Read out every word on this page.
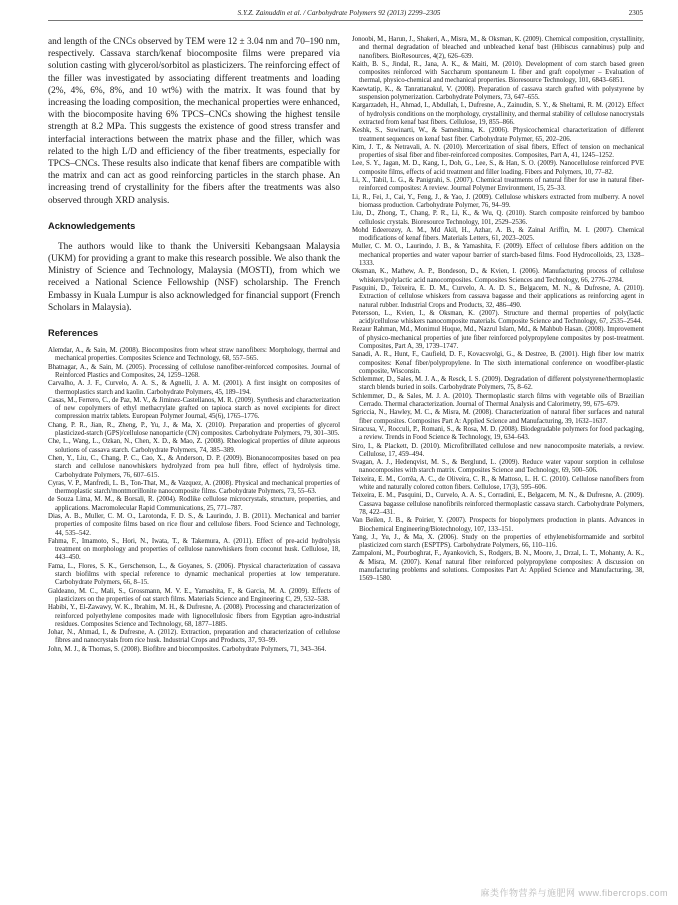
S.Y.Z. Zainuddin et al. / Carbohydrate Polymers 92 (2013) 2299–2305	2305

and length of the CNCs observed by TEM were 12 ± 3.04 nm and 70–190 nm, respectively. Cassava starch/kenaf biocomposite films were prepared via solution casting with glycerol/sorbitol as plasticizers. The reinforcing effect of the filler was investigated by associating different treatments and loading (2%, 4%, 6%, 8%, and 10 wt%) with the matrix. It was found that by increasing the loading composition, the mechanical properties were enhanced, with the biocomposite having 6% TPCS–CNCs showing the highest tensile strength at 8.2 MPa. This suggests the existence of good stress transfer and interfacial interactions between the matrix phase and the filler, which was related to the high L/D and efficiency of the fiber treatments, especially for TPCS–CNCs. These results also indicate that kenaf fibers are compatible with the matrix and can act as good reinforcing particles in the starch phase. An increasing trend of crystallinity for the fibers after the treatments was also observed through XRD analysis.

Acknowledgements

The authors would like to thank the Universiti Kebangsaan Malaysia (UKM) for providing a grant to make this research possible. We also thank the Ministry of Science and Technology, Malaysia (MOSTI), from which we received a National Science Fellowship (NSF) scholarship. The French Embassy in Kuala Lumpur is also acknowledged for financial support (French Scholars in Malaysia).

References

Alemdar, A., & Sain, M. (2008). Biocomposites from wheat straw nanofibers: Morphology, thermal and mechanical properties. Composites Science and Technology, 68, 557–565.

Bhatnagar, A., & Sain, M. (2005). Processing of cellulose nanofiber-reinforced composites. Journal of Reinforced Plastics and Composites, 24, 1259–1268.

Carvalho, A. J. F., Curvelo, A. A. S., & Agnelli, J. A. M. (2001). A first insight on composites of thermoplastics starch and kaolin. Carbohydrate Polymers, 45, 189–194.

Casas, M., Ferrero, C., de Paz, M. V., & Jiminez-Castellanos, M. R. (2009). Synthesis and characterization of new copolymers of ethyl methacrylate grafted on tapioca starch as novel excipients for direct compression matrix tablets. European Polymer Journal, 45(6), 1765–1776.

Chang, P. R., Jian, R., Zheng, P., Yu, J., & Ma, X. (2010). Preparation and properties of glycerol plasticized-starch (GPS)/cellulose nanoparticle (CN) composites. Carbohydrate Polymers, 79, 301–305.

Che, L., Wang, L., Ozkan, N., Chen, X. D., & Mao, Z. (2008). Rheological properties of dilute aqueous solutions of cassava starch. Carbohydrate Polymers, 74, 385–389.

Chen, Y., Liu, C., Chang, P. C., Cao, X., & Anderson, D. P. (2009). Bionanocomposites based on pea starch and cellulose nanowhiskers hydrolyzed from pea hull fibre, effect of hydrolysis time. Carbohydrate Polymers, 76, 607–615.

Cyras, V. P., Manfredi, L. B., Ton-That, M., & Vazquez, A. (2008). Physical and mechanical properties of thermoplastic starch/montmorillonite nanocomposite films. Carbohydrate Polymers, 73, 55–63.

de Souza Lima, M. M., & Borsali, R. (2004). Rodlike cellulose microcrystals, structure, properties, and applications. Macromolecular Rapid Communications, 25, 771–787.

Dias, A. B., Muller, C. M. O., Larotonda, F. D. S., & Laurindo, J. B. (2011). Mechanical and barrier properties of composite films based on rice flour and cellulose fibers. Food Science and Technology, 44, 535–542.

Fahma, F., Imamoto, S., Hori, N., Iwata, T., & Takemura, A. (2011). Effect of pre-acid hydrolysis treatment on morphology and properties of cellulose nanowhiskers from coconut husk. Cellulose, 18, 443–450.

Fama, L., Flores, S. K., Gerschenson, L., & Goyanes, S. (2006). Physical characterization of cassava starch biofilms with special reference to dynamic mechanical properties at low temperature. Carbohydrate Polymers, 66, 8–15.

Galdeano, M. C., Mali, S., Grossmann, M. V. E., Yamashita, F., & Garcia, M. A. (2009). Effects of plasticizers on the properties of oat starch films. Materials Science and Engineering C, 29, 532–538.

Habibi, Y., El-Zawawy, W. K., Ibrahim, M. H., & Dufresne, A. (2008). Processing and characterization of reinforced polyethylene composites made with lignocellulosic fibers from Egyptian agro-industrial residues. Composites Science and Technology, 68, 1877–1885.

Johar, N., Ahmad, I., & Dufresne, A. (2012). Extraction, preparation and characterization of cellulose fibres and nanocrystals from rice husk. Industrial Crops and Products, 37, 93–99.

John, M. J., & Thomas, S. (2008). Biofibre and biocomposites. Carbohydrate Polymers, 71, 343–364.

Jonoobi, M., Harun, J., Shakeri, A., Misra, M., & Oksman, K. (2009). Chemical composition, crystallinity, and thermal degradation of bleached and unbleached kenaf bast (Hibiscus cannabinus) pulp and nanofibers. BioResources, 4(2), 626–639.

Kaith, B. S., Jindal, R., Jana, A. K., & Maiti, M. (2010). Development of corn starch based green composites reinforced with Saccharum spontaneum L fiber and graft copolymer – Evaluation of thermal, physico-chemical and mechanical properties. Bioresource Technology, 101, 6843–6851.

Kaewtatip, K., & Tanrattanakul, V. (2008). Preparation of cassava starch grafted with polystyrene by suspension polymerization. Carbohydrate Polymers, 73, 647–655.

Kargarzadeh, H., Ahmad, I., Abdullah, I., Dufresne, A., Zainudin, S. Y., & Sheltami, R. M. (2012). Effect of hydrolysis conditions on the morphology, crystallinity, and thermal stability of cellulose nanocrystals extracted from kenaf bast fibers. Cellulose, 19, 855–866.

Keshk, S., Suwinarti, W., & Sameshima, K. (2006). Physicochemical characterization of different treatment sequences on kenaf bast fiber. Carbohydrate Polymer, 65, 202–206.

Kim, J. T., & Netravali, A. N. (2010). Mercerization of sisal fibers, Effect of tension on mechanical properties of sisal fiber and fiber-reinforced composites. Composites, Part A, 41, 1245–1252.

Lee, S. Y., Jagan, M. D., Kang, I., Doh, G., Lee, S., & Han, S. O. (2009). Nanocellulose reinforced PVE composite films, effects of acid treatment and filler loading. Fibers and Polymers, 10, 77–82.

Li, X., Tabil, L. G., & Panigrahi, S. (2007). Chemical treatments of natural fiber for use in natural fiber-reinforced composites: A review. Journal Polymer Environment, 15, 25–33.

Li, R., Fei, J., Cai, Y., Feng, J., & Yao, J. (2009). Cellulose whiskers extracted from mulberry. A novel biomass production. Carbohydrate Polymer, 76, 94–99.

Liu, D., Zhong, T., Chang, P. R., Li, K., & Wu, Q. (2010). Starch composite reinforced by bamboo cellulosic crystals. Bioresource Technology, 101, 2529–2536.

Mohd Edeerozey, A. M., Md Akil, H., Azhar, A. B., & Zainal Ariffin, M. I. (2007). Chemical modifications of kenaf fibers. Materials Letters, 61, 2023–2025.

Muller, C. M. O., Laurindo, J. B., & Yamashita, F. (2009). Effect of cellulose fibers addition on the mechanical properties and water vapour barrier of starch-based films. Food Hydrocolloids, 23, 1328–1333.

Oksman, K., Mathew, A. P., Bondeson, D., & Kvien, I. (2006). Manufacturing process of cellulose whiskers/polylactic acid nanocomposites. Composites Sciences and Technology, 66, 2776–2784.

Pasquini, D., Teixeira, E. D. M., Curvelo, A. A. D. S., Belgacem, M. N., & Dufresne, A. (2010). Extraction of cellulose whiskers from cassava bagasse and their applications as reinforcing agent in natural rubber. Industrial Crops and Products, 32, 486–490.

Petersson, L., Kvien, I., & Oksman, K. (2007). Structure and thermal properties of poly(lactic acid)/cellulose whiskers nanocomposite materials. Composite Science and Technology, 67, 2535–2544.

Rezaur Rahman, Md., Monimul Huque, Md., Nazrul Islam, Md., & Mahbub Hasan. (2008). Improvement of physico-mechanical properties of jute fiber reinforced polypropylene composites by post-treatment. Composites, Part A, 39, 1739–1747.

Sanadi, A. R., Hunt, F., Caufield, D. F., Kovacsvolgi, G., & Destree, B. (2001). High fiber low matrix composites: Kenaf fiber/polypropylene. In The sixth international conference on woodfiber-plastic composite, Wisconsin.

Schlemmer, D., Sales, M. J. A., & Resck, I. S. (2009). Degradation of different polystyrene/thermoplastic starch blends buried in soils. Carbohydrate Polymers, 75, 8–62.

Schlemmer, D., & Sales, M. J. A. (2010). Thermoplastic starch films with vegetable oils of Brazilian Cerrado. Thermal characterization. Journal of Thermal Analysis and Calorimetry, 99, 675–679.

Sgriccia, N., Hawley, M. C., & Misra, M. (2008). Characterization of natural fiber surfaces and natural fiber composites. Composites Part A: Applied Science and Manufacturing, 39, 1632–1637.

Siracusa, V., Rocculi, P., Romani, S., & Rosa, M. D. (2008). Biodegradable polymers for food packaging, a review. Trends in Food Science & Technology, 19, 634–643.

Siro, I., & Plackett, D. (2010). Microfibrillated cellulose and new nanocomposite materials, a review. Cellulose, 17, 459–494.

Svagan, A. J., Hedenqvist, M. S., & Berglund, L. (2009). Reduce water vapour sorption in cellulose nanocomposites with starch matrix. Composites Science and Technology, 69, 500–506.

Teixeira, E. M., Corrêa, A. C., de Oliveira, C. R., & Mattoso, L. H. C. (2010). Cellulose nanofibers from white and naturally colored cotton fibers. Cellulose, 17(3), 595–606.

Teixeira, E. M., Pasquini, D., Curvelo, A. A. S., Corradini, E., Belgacem, M. N., & Dufresne, A. (2009). Cassava bagasse cellulose nanofibrils reinforced thermoplastic cassava starch. Carbohydrate Polymers, 78, 422–431.

Van Beilen, J. B., & Poirier, Y. (2007). Prospects for biopolymers production in plants. Advances in Biochemical Engineering/Biotechnology, 107, 133–151.

Yang, J., Yu, J., & Ma, X. (2006). Study on the properties of ethylenebisformamide and sorbitol plasticized corn starch (ESPTPS). Carbohydrate Polymers, 66, 110–116.

Zampaloni, M., Pourboghrat, F., Ayankovich, S., Rodgers, B. N., Moore, J., Drzal, L. T., Mohanty, A. K., & Misra, M. (2007). Kenaf natural fiber reinforced polypropylene composites: A discussion on manufacturing problems and solutions. Composites Part A: Applied Science and Manufacturing, 38, 1569–1580.

麻类作物营养与施肥网 www.fibercrops.com
